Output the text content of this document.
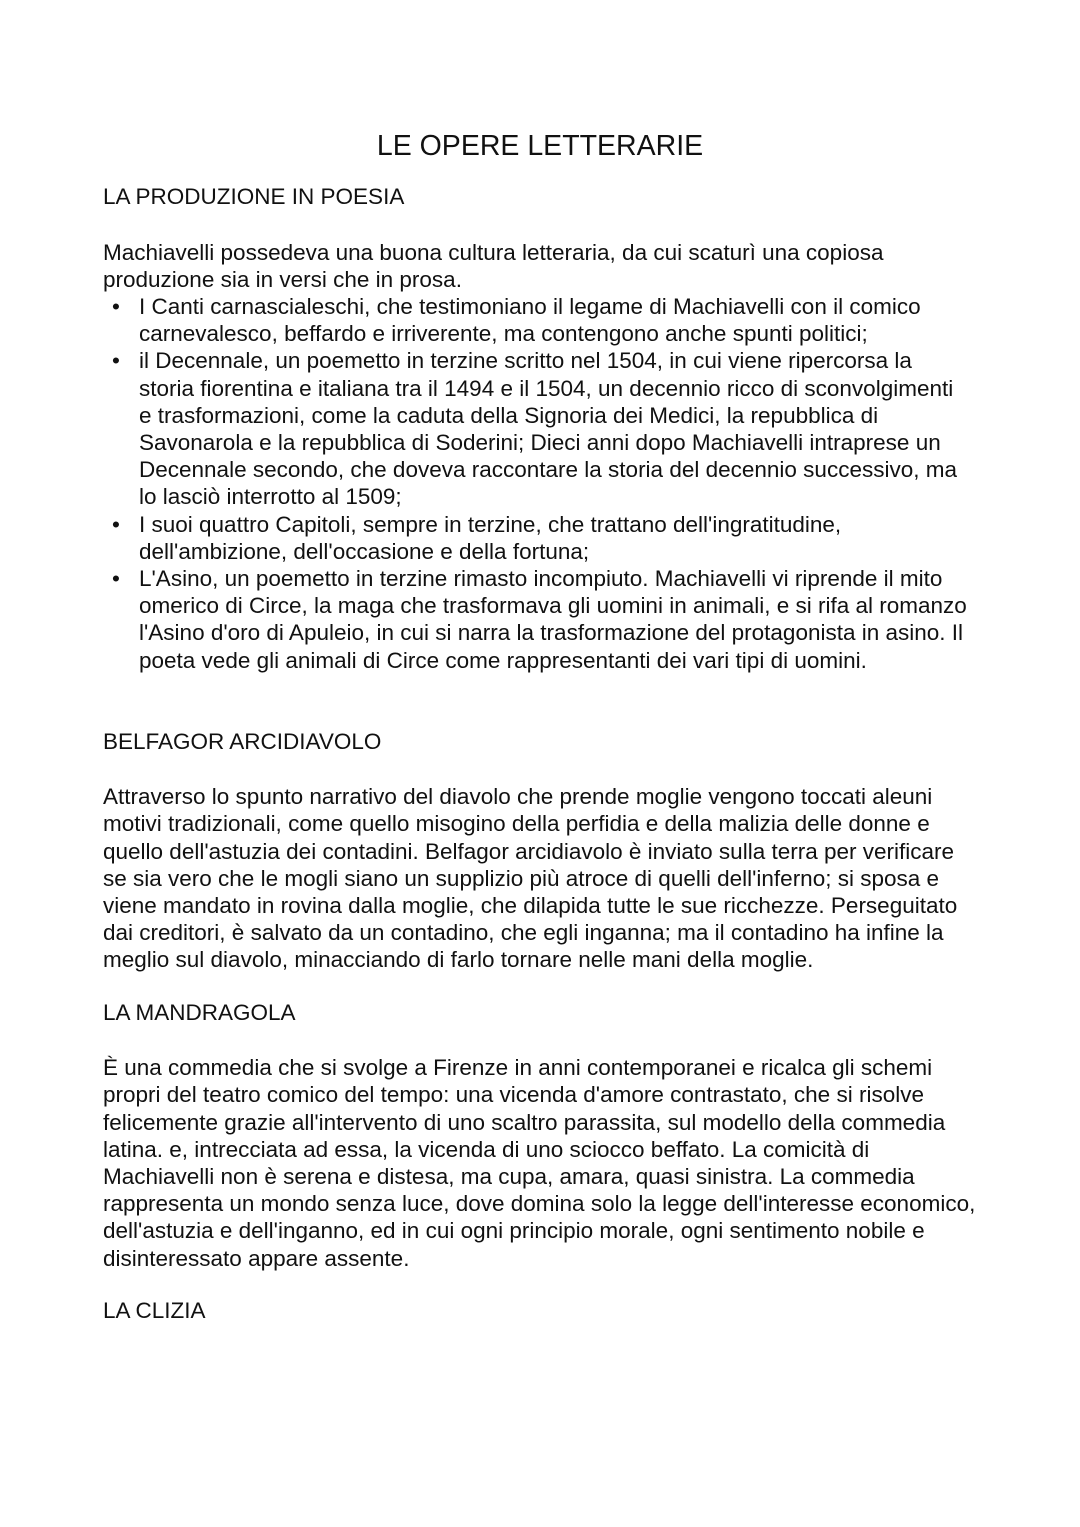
LE OPERE LETTERARIE
LA PRODUZIONE IN POESIA

Machiavelli possedeva una buona cultura letteraria, da cui scaturì una copiosa produzione sia in versi che in prosa.

• I Canti carnascialeschi, che testimoniano il legame di Machiavelli con il comico carnevalesco, beffardo e irriverente, ma contengono anche spunti politici;
• il Decennale, un poemetto in terzine scritto nel 1504, in cui viene ripercorsa la storia fiorentina e italiana tra il 1494 e il 1504, un decennio ricco di sconvolgimenti e trasformazioni, come la caduta della Signoria dei Medici, la repubblica di Savonarola e la repubblica di Soderini; Dieci anni dopo Machiavelli intraprese un Decennale secondo, che doveva raccontare la storia del decennio successivo, ma lo lasciò interrotto al 1509;
• I suoi quattro Capitoli, sempre in terzine, che trattano dell'ingratitudine, dell'ambizione, dell'occasione e della fortuna;
• L'Asino, un poemetto in terzine rimasto incompiuto. Machiavelli vi riprende il mito omerico di Circe, la maga che trasformava gli uomini in animali, e si rifa al romanzo l'Asino d'oro di Apuleio, in cui si narra la trasformazione del protagonista in asino. Il poeta vede gli animali di Circe come rappresentanti dei vari tipi di uomini.
BELFAGOR ARCIDIAVOLO

Attraverso lo spunto narrativo del diavolo che prende moglie vengono toccati aleuni motivi tradizionali, come quello misogino della perfidia e della malizia delle donne e quello dell'astuzia dei contadini. Belfagor arcidiavolo è inviato sulla terra per verificare se sia vero che le mogli siano un supplizio più atroce di quelli dell'inferno; si sposa e viene mandato in rovina dalla moglie, che dilapida tutte le sue ricchezze. Perseguitato dai creditori, è salvato da un contadino, che egli inganna; ma il contadino ha infine la meglio sul diavolo, minacciando di farlo tornare nelle mani della moglie.

LA MANDRAGOLA

È una commedia che si svolge a Firenze in anni contemporanei e ricalca gli schemi propri del teatro comico del tempo: una vicenda d'amore contrastato, che si risolve felicemente grazie all'intervento di uno scaltro parassita, sul modello della commedia latina. e, intrecciata ad essa, la vicenda di uno sciocco beffato. La comicità di Machiavelli non è serena e distesa, ma cupa, amara, quasi sinistra. La commedia rappresenta un mondo senza luce, dove domina solo la legge dell'interesse economico, dell'astuzia e dell'inganno, ed in cui ogni principio morale, ogni sentimento nobile e disinteressato appare assente.

LA CLIZIA
